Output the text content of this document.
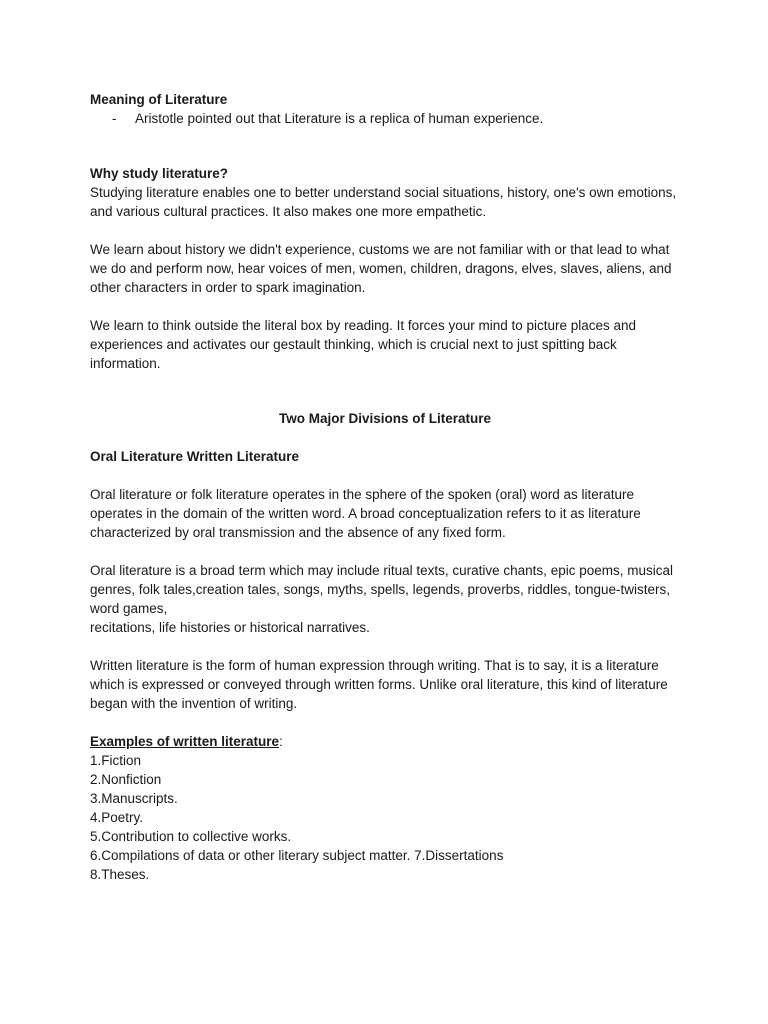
Meaning of Literature

-	Aristotle pointed out that Literature is a replica of human experience.

Why study literature?

Studying literature enables one to better understand social situations, history, one's own emotions, and various cultural practices. It also makes one more empathetic.

We learn about history we didn't experience, customs we are not familiar with or that lead to what we do and perform now, hear voices of men, women, children, dragons, elves, slaves, aliens, and other characters in order to spark imagination.

We learn to think outside the literal box by reading. It forces your mind to picture places and experiences and activates our gestault thinking, which is crucial next to just spitting back information.

Two Major Divisions of Literature

Oral Literature Written Literature

Oral literature or folk literature operates in the sphere of the spoken (oral) word as literature operates in the domain of the written word. A broad conceptualization refers to it as literature characterized by oral transmission and the absence of any fixed form.

Oral literature is a broad term which may include ritual texts, curative chants, epic poems, musical genres, folk tales,creation tales, songs, myths, spells, legends, proverbs, riddles, tongue-twisters, word games,

recitations, life histories or historical narratives.

Written literature is the form of human expression through writing. That is to say, it is a literature which is expressed or conveyed through written forms. Unlike oral literature, this kind of literature began with the invention of writing.

Examples of written literature:

1.Fiction

2.Nonfiction

3.Manuscripts.

4.Poetry.

5.Contribution to collective works.

6.Compilations of data or other literary subject matter. 7.Dissertations

8.Theses.
